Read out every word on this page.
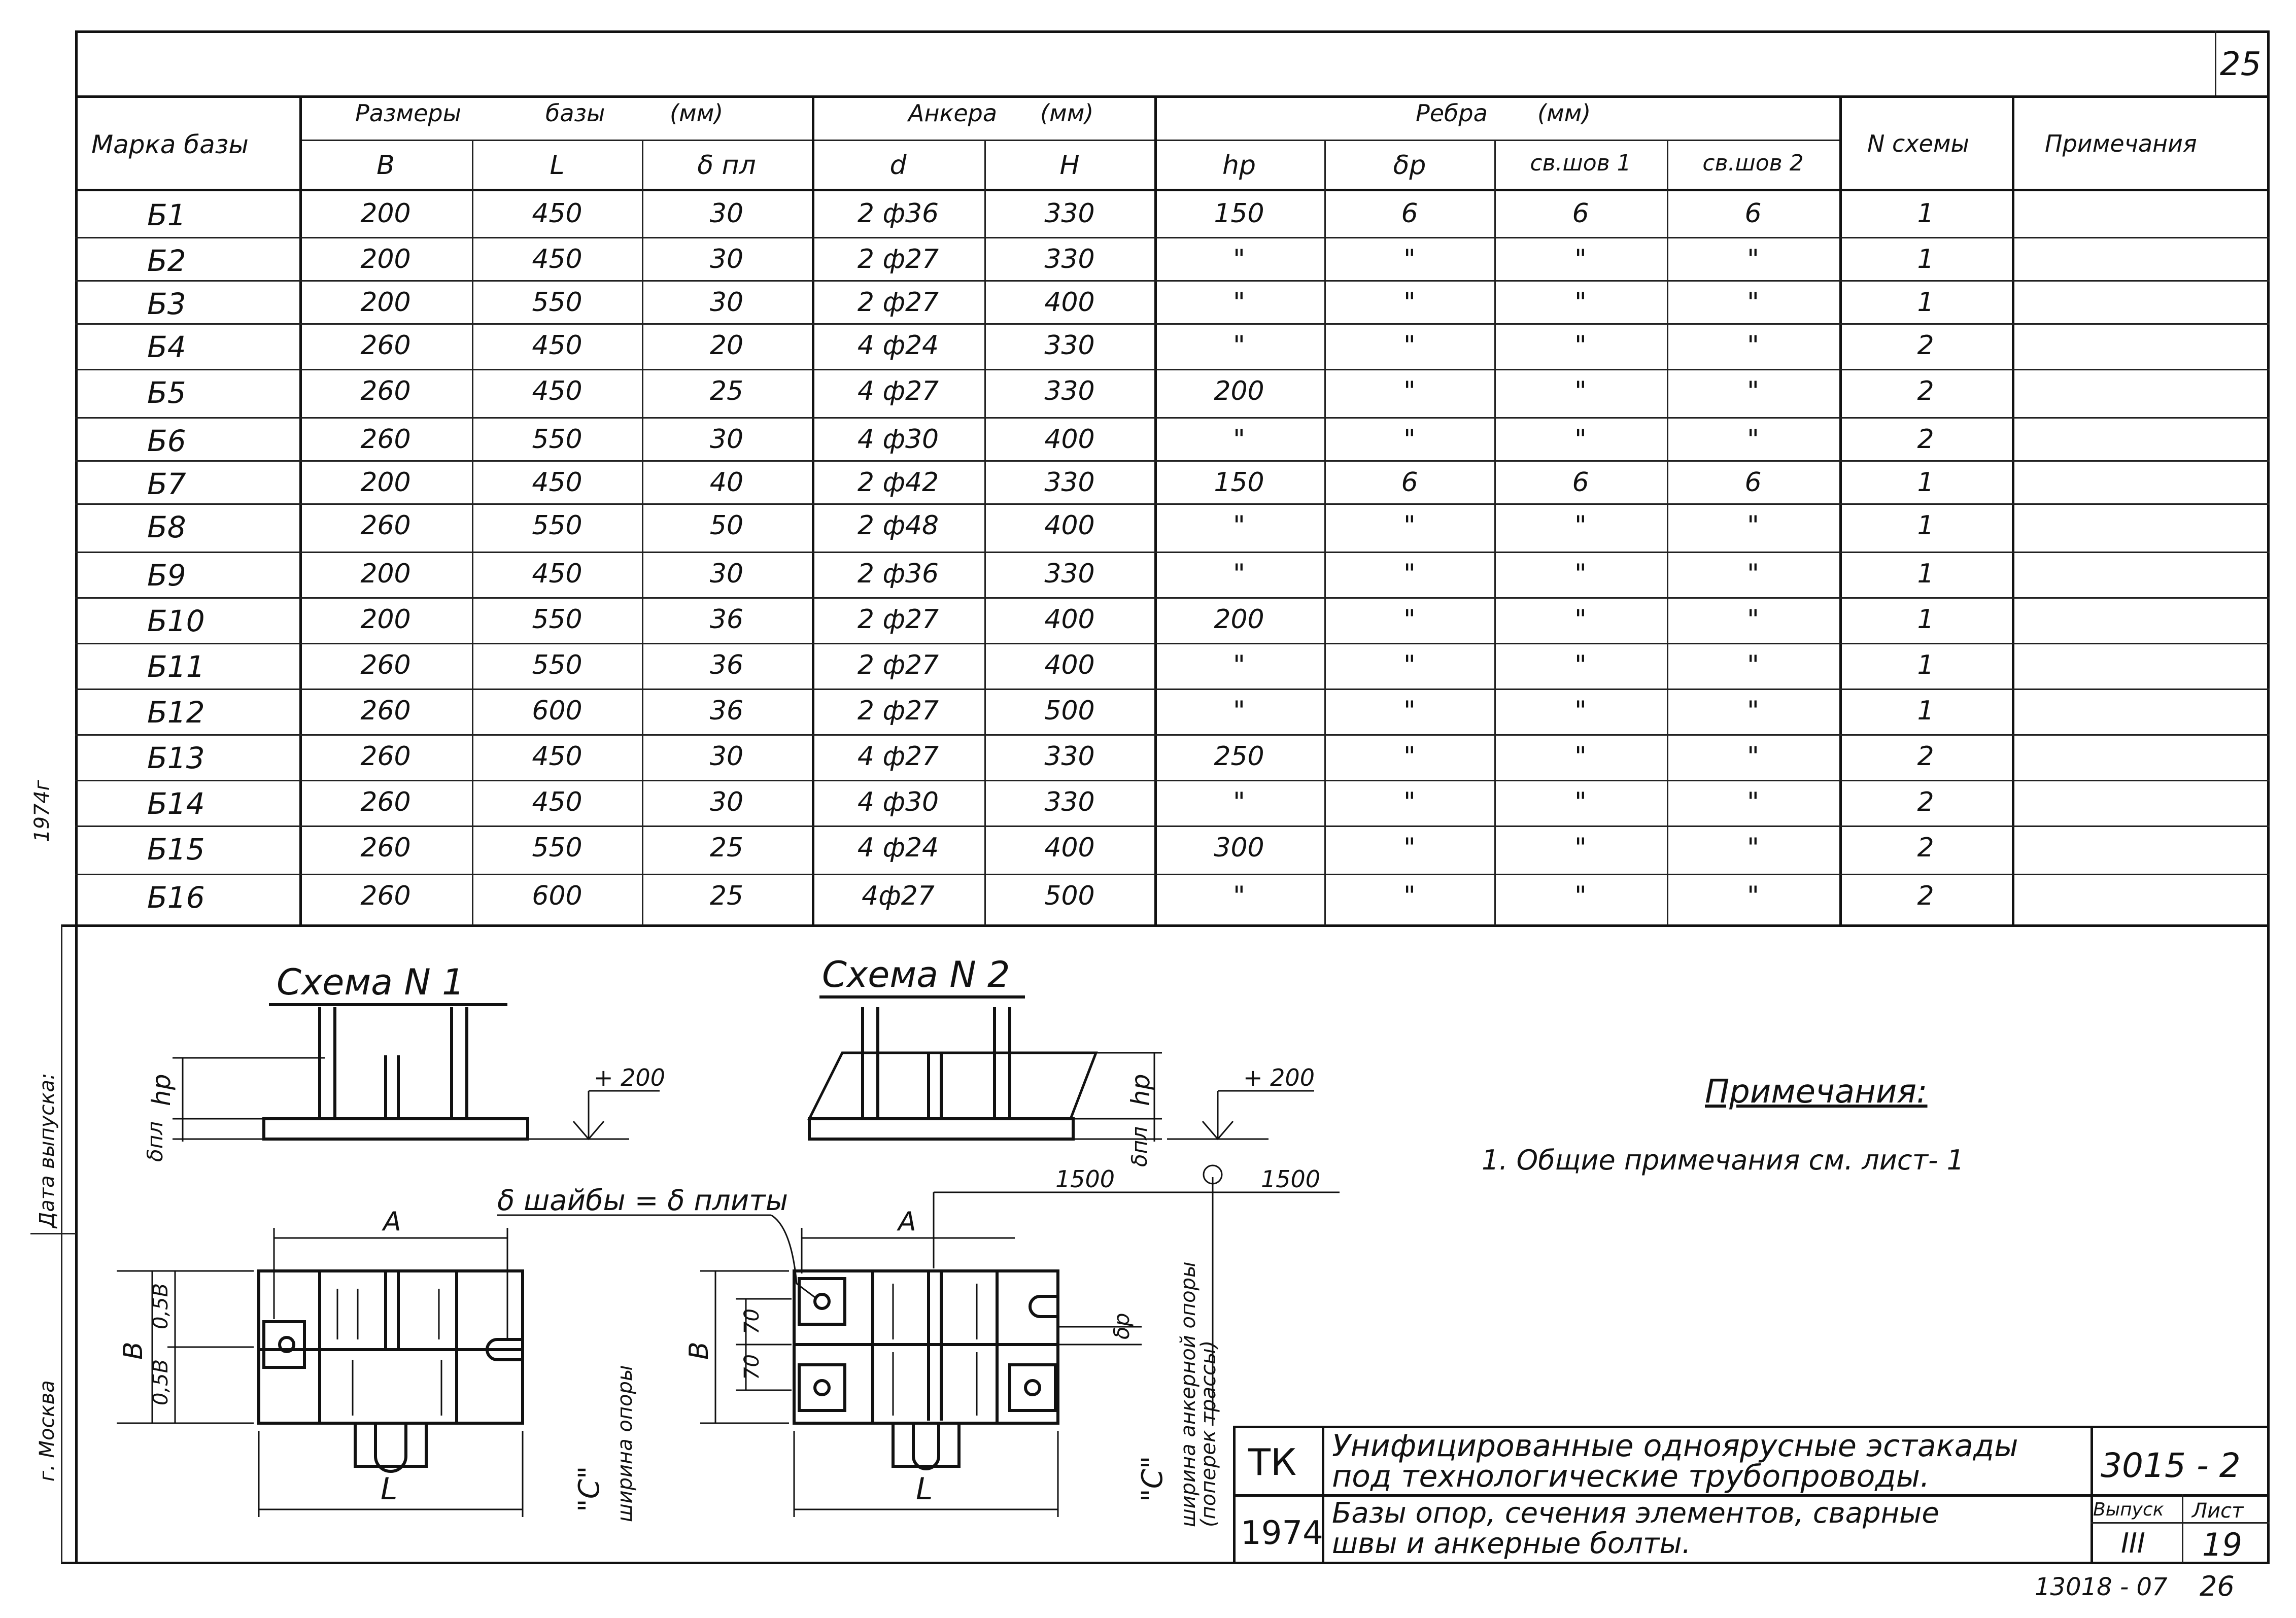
25
Марка базы
Размеры	базы	(мм)	Анкера (мм)	Ребра (мм)
N схемы	Примечания
B	L	δ пл	d	H	hр	δр	св.шов 1	св.шов 2
Б1	200	450	30	2 ф36	330	150	6	6	6	1
Б2	200	450	30	2 ф27	330	"	"	"	"	1
Б3	200	550	30	2 ф27	400	"	"	"	"	1
Б4	260	450	20	4 ф24	330	"	"	"	"	2
Б5	260	450	25	4 ф27	330	200	"	"	"	2
Б6	260	550	30	4 ф30	400	"	"	"	"	2
Б7	200	450	40	2 ф42	330	150	6	6	6	1
Б8	260	550	50	2 ф48	400	"	"	"	"	1
Б9	200	450	30	2 ф36	330	"	"	"	"	1
Б10	200	550	36	2 ф27	400	200	"	"	"	1
Б11	260	550	36	2 ф27	400	"	"	"	"	1
Б12	260	600	36	2 ф27	500	"	"	"	"	1
Б13	260	450	30	4 ф27	330	250	"	"	"	2
Б14	260	450	30	4 ф30	330	"	"	"	"	2
Б15	260	550	25	4 ф24	400	300	"	"	"	2
Б16	260	600	25	4ф27	500	"	"	"	"	2
Схема N 1	Схема N 2
hр
δпл
+ 200	hр
δпл
+ 200
1500	1500
δ шайбы = δ плиты
А	А
В
0,5В
0,5В
В
70
70
δр
L	L
"С" ширина опоры	"С" ширина анкерной опоры
(поперек трассы)
Примечания:
1. Общие примечания см. лист- 1
1974г
Дата выпуска:
г. Москва	ТК
1974
Унифицированные одноярусные эстакады
под технологические трубопроводы.
Базы опор, сечения элементов, сварные
швы и анкерные болты.
3015 - 2
Выпуск
III
Лист
19
13018 - 07 26
